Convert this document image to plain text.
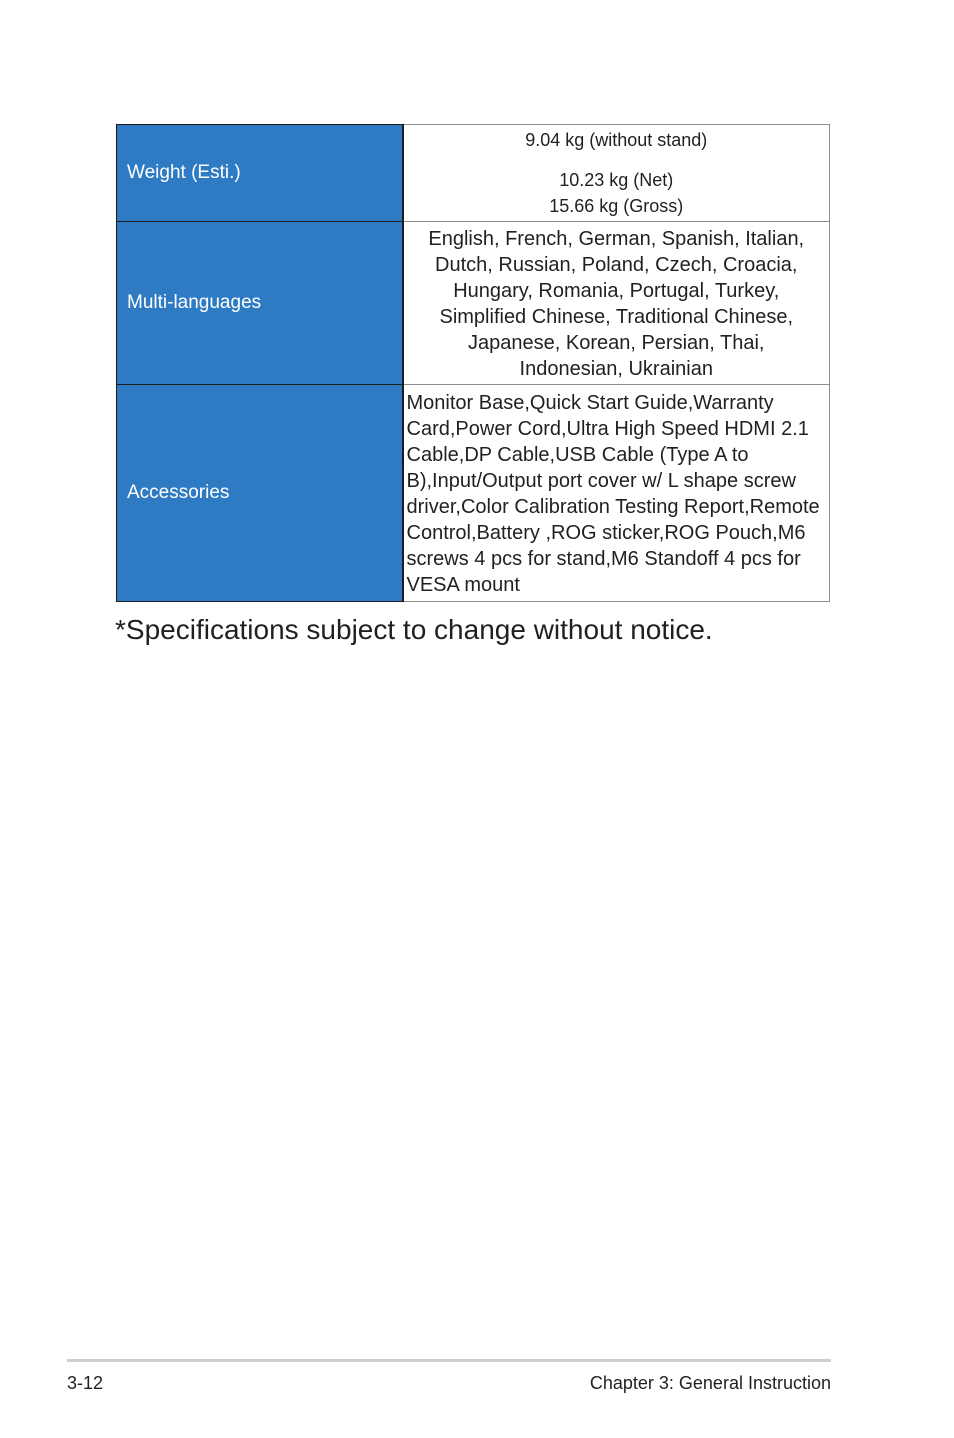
Weight (Esti.)	9.04 kg (without stand)
10.23 kg (Net)
15.66 kg (Gross)

Multi-languages	English, French, German, Spanish, Italian, Dutch, Russian, Poland, Czech, Croacia, Hungary, Romania, Portugal, Turkey, Simplified Chinese, Traditional Chinese, Japanese, Korean, Persian, Thai, Indonesian, Ukrainian

Accessories	Monitor Base,Quick Start Guide,Warranty Card,Power Cord,Ultra High Speed HDMI 2.1 Cable,DP Cable,USB Cable (Type A to B),Input/Output port cover w/ L shape screw driver,Color Calibration Testing Report,Remote Control,Battery ,ROG sticker,ROG Pouch,M6 screws 4 pcs for stand,M6 Standoff 4 pcs for VESA mount
*Specifications subject to change without notice.
3-12	Chapter 3: General Instruction
